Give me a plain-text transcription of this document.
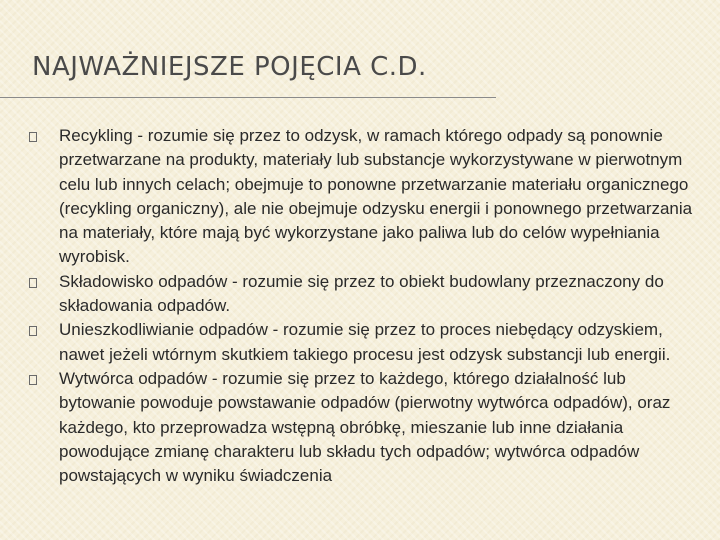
NAJWAŻNIEJSZE POJĘCIA C.D.
Recykling - rozumie się przez to odzysk, w ramach którego odpady są ponownie przetwarzane na produkty, materiały lub substancje wykorzystywane w pierwotnym celu lub innych celach; obejmuje to ponowne przetwarzanie materiału organicznego (recykling organiczny), ale nie obejmuje odzysku energii i ponownego przetwarzania na materiały, które mają być wykorzystane jako paliwa lub do celów wypełniania wyrobisk.
Składowisko odpadów - rozumie się przez to obiekt budowlany przeznaczony do składowania odpadów.
Unieszkodliwianie odpadów - rozumie się przez to proces niebędący odzyskiem, nawet jeżeli wtórnym skutkiem takiego procesu jest odzysk substancji lub energii.
Wytwórca odpadów - rozumie się przez to każdego, którego działalność lub bytowanie powoduje powstawanie odpadów (pierwotny wytwórca odpadów), oraz każdego, kto przeprowadza wstępną obróbkę, mieszanie lub inne działania powodujące zmianę charakteru lub składu tych odpadów; wytwórca odpadów powstających w wyniku świadczenia
